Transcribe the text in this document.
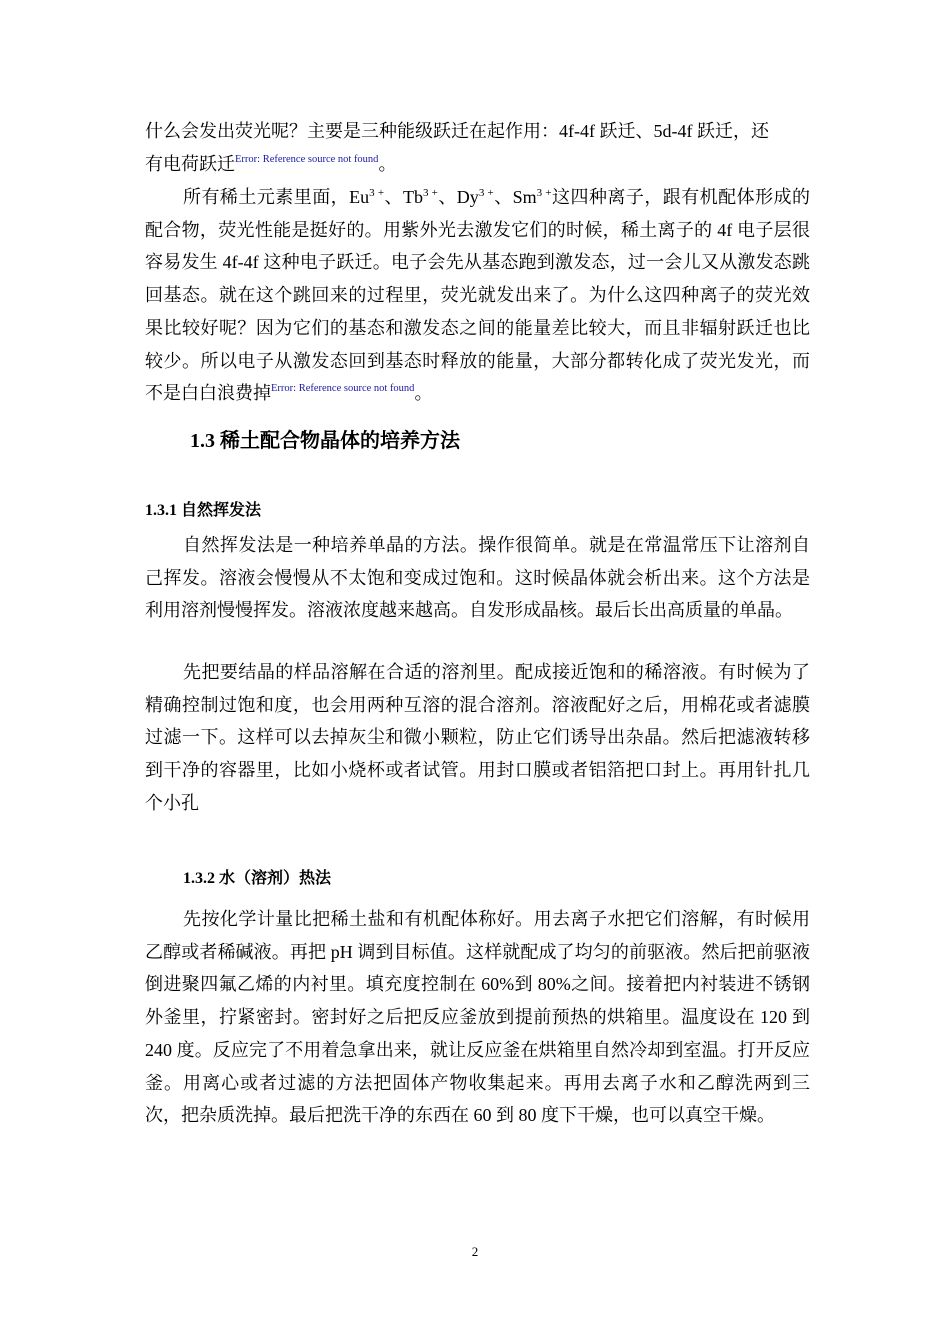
什么会发出荧光呢？主要是三种能级跃迁在起作用：4f-4f 跃迁、5d-4f 跃迁，还
有电荷跃迁$^{Error: Reference source not found}$。

所有稀土元素里面，$Eu^{3 +}$、$Tb^{3 +}$、$Dy^{3 +}$、$Sm^{3 +}$这四种离子，跟有机配体形成的配合物，荧光性能是挺好的。用紫外光去激发它们的时候，稀土离子的 4f 电子层很容易发生 4f-4f 这种电子跃迁。电子会先从基态跑到激发态，过一会儿又从激发态跳回基态。就在这个跳回来的过程里，荧光就发出来了。为什么这四种离子的荧光效果比较好呢？因为它们的基态和激发态之间的能量差比较大，而且非辐射跃迁也比较少。所以电子从激发态回到基态时释放的能量，大部分都转化成了荧光发光，而不是白白浪费掉$^{Error: Reference source not found}$。

1.3 稀土配合物晶体的培养方法
1.3.1 自然挥发法

自然挥发法是一种培养单晶的方法。操作很简单。就是在常温常压下让溶剂自己挥发。溶液会慢慢从不太饱和变成过饱和。这时候晶体就会析出来。这个方法是利用溶剂慢慢挥发。溶液浓度越来越高。自发形成晶核。最后长出高质量的单晶。

先把要结晶的样品溶解在合适的溶剂里。配成接近饱和的稀溶液。有时候为了精确控制过饱和度，也会用两种互溶的混合溶剂。溶液配好之后，用棉花或者滤膜过滤一下。这样可以去掉灰尘和微小颗粒，防止它们诱导出杂晶。然后把滤液转移到干净的容器里，比如小烧杯或者试管。用封口膜或者铝箔把口封上。再用针扎几个小孔

1.3.2 水（溶剂）热法

先按化学计量比把稀土盐和有机配体称好。用去离子水把它们溶解，有时候用乙醇或者稀碱液。再把 pH 调到目标值。这样就配成了均匀的前驱液。然后把前驱液倒进聚四氟乙烯的内衬里。填充度控制在 60%到 80%之间。接着把内衬装进不锈钢外釜里，拧紧密封。密封好之后把反应釜放到提前预热的烘箱里。温度设在 120 到 240 度。反应完了不用着急拿出来，就让反应釜在烘箱里自然冷却到室温。打开反应釜。用离心或者过滤的方法把固体产物收集起来。再用去离子水和乙醇洗两到三次，把杂质洗掉。最后把洗干净的东西在 60 到 80 度下干燥，也可以真空干燥。

2
